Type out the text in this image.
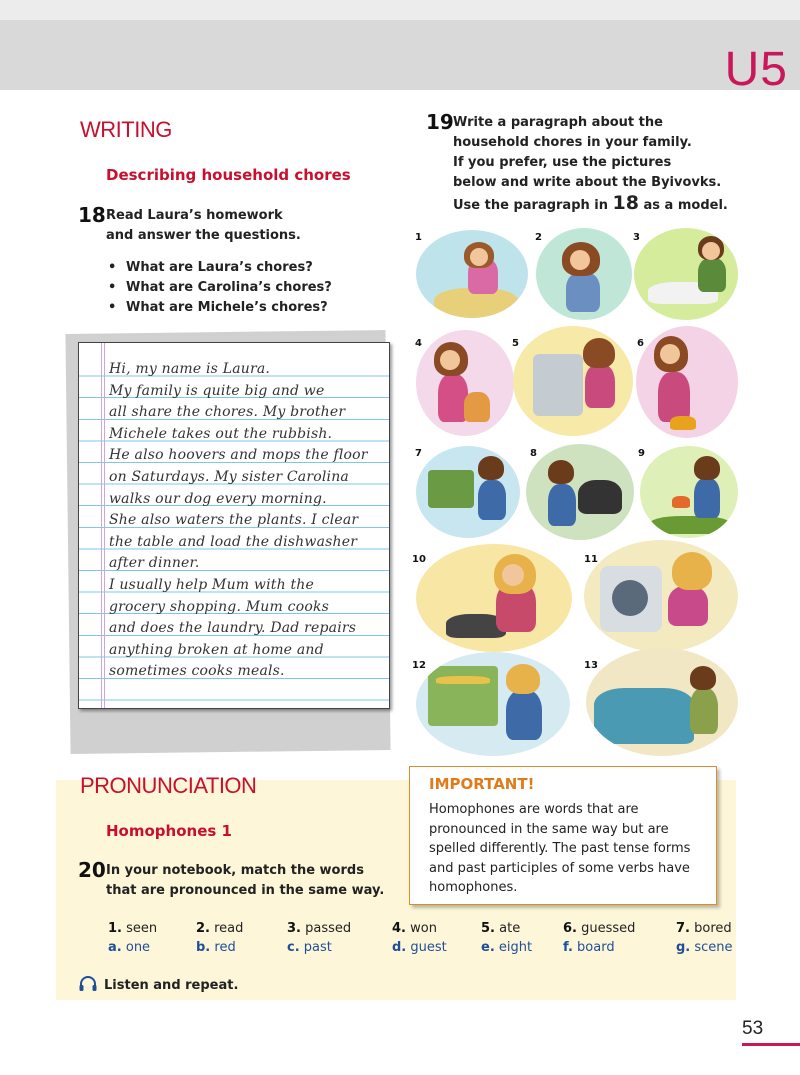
U5
WRITING
Describing household chores
18 Read Laura’s homework
and answer the questions.
• What are Laura’s chores?
• What are Carolina’s chores?
• What are Michele’s chores?
Hi, my name is Laura.
My family is quite big and we
all share the chores. My brother
Michele takes out the rubbish.
He also hoovers and mops the floor
on Saturdays. My sister Carolina
walks our dog every morning.
She also waters the plants. I clear
the table and load the dishwasher
after dinner.
I usually help Mum with the
grocery shopping. Mum cooks
and does the laundry. Dad repairs
anything broken at home and
sometimes cooks meals.
19 Write a paragraph about the
household chores in your family.
If you prefer, use the pictures
below and write about the Byivovks.
Use the paragraph in 18 as a model.
1	2	3
4	5	6
7	8	9
10	11
12	13
PRONUNCIATION
Homophones 1
20 In your notebook, match the words
that are pronounced in the same way.
IMPORTANT!
Homophones are words that are pronounced in the same way but are spelled differently. The past tense forms and past participles of some verbs have homophones.
1. seen	2. read	3. passed	4. won	5. ate	6. guessed	7. bored
a. one	b. red	c. past	d. guest	e. eight f. board	g. scene
Listen and repeat.
53
